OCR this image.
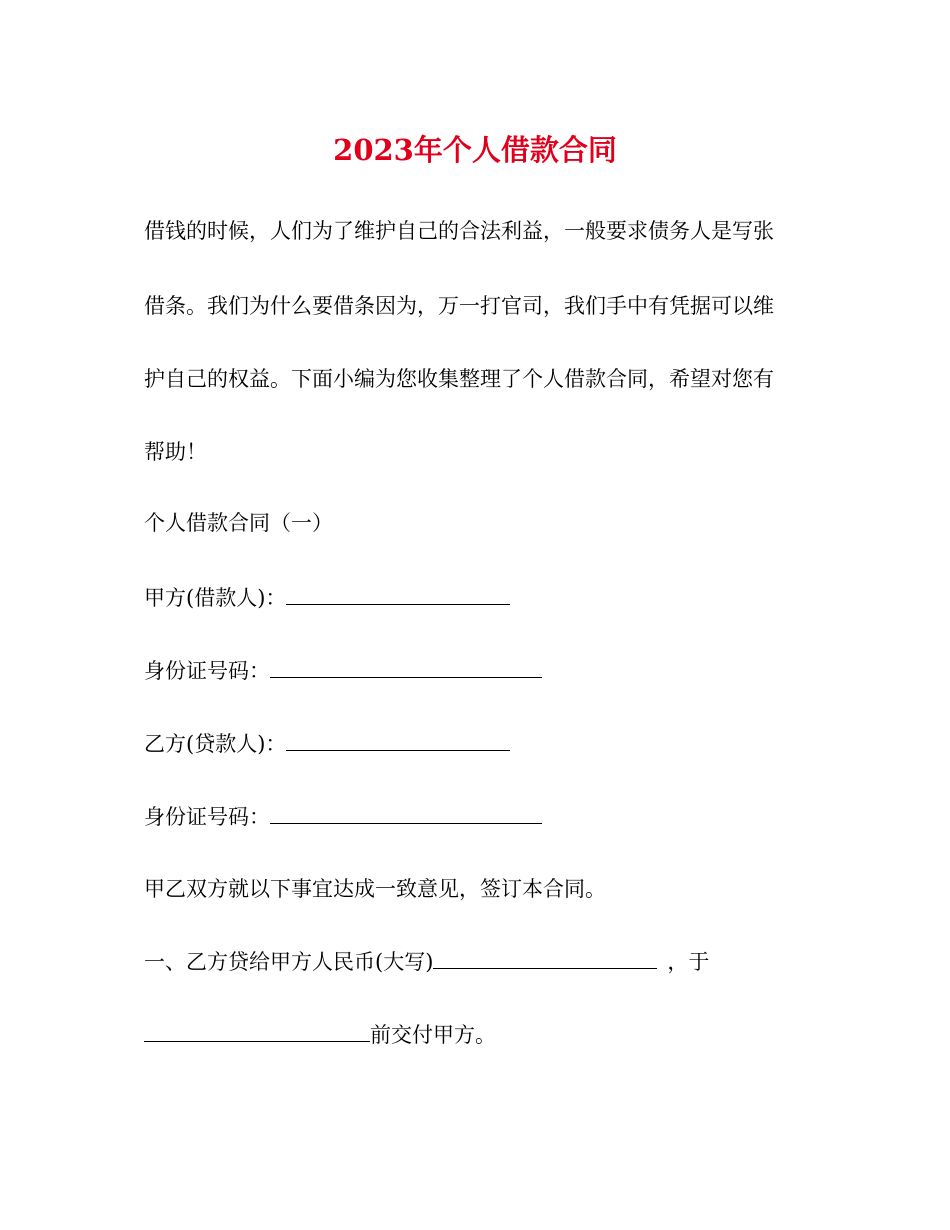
2023年个人借款合同
借钱的时候，人们为了维护自己的合法利益，一般要求债务人是写张
借条。我们为什么要借条因为，万一打官司，我们手中有凭据可以维
护自己的权益。下面小编为您收集整理了个人借款合同，希望对您有
帮助！
个人借款合同（一）
甲方(借款人)：
身份证号码：
乙方(贷款人)：
身份证号码：
甲乙双方就以下事宜达成一致意见，签订本合同。
一、乙方贷给甲方人民币(大写)	，于
前交付甲方。
